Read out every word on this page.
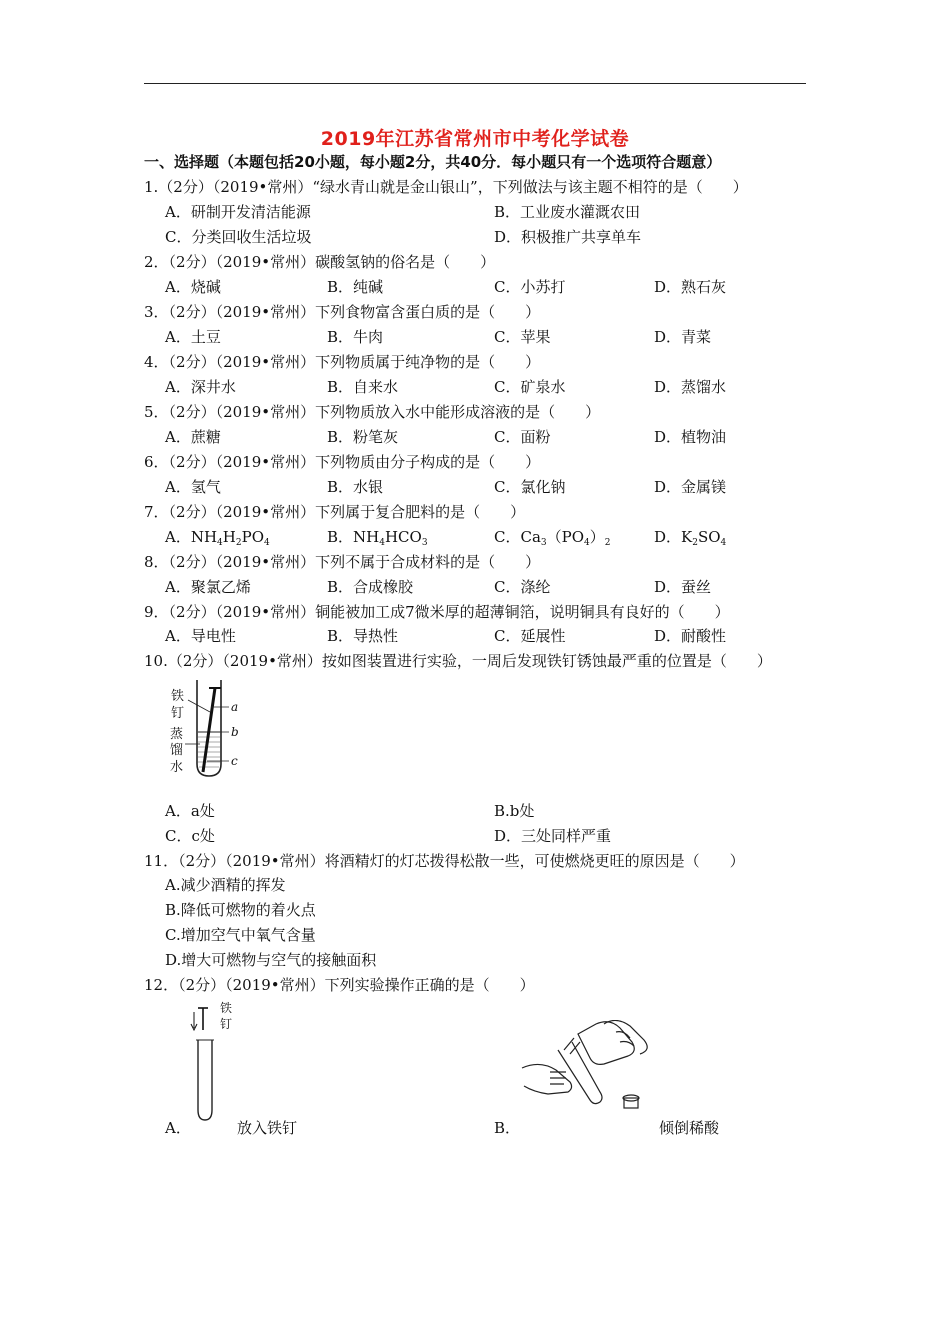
2019年江苏省常州市中考化学试卷
一、选择题（本题包括20小题，每小题2分，共40分．每小题只有一个选项符合题意）
1.（2分）（2019•常州）“绿水青山就是金山银山”，下列做法与该主题不相符的是（　　）
A．研制开发清洁能源	B．工业废水灌溉农田
C．分类回收生活垃圾	D．积极推广共享单车
2．（2分）（2019•常州）碳酸氢钠的俗名是（　　）
A．烧碱	B．纯碱	C．小苏打	D．熟石灰
3．（2分）（2019•常州）下列食物富含蛋白质的是（　　）
A．土豆	B．牛肉	C．苹果	D．青菜
4．（2分）（2019•常州）下列物质属于纯净物的是（　　）
A．深井水	B．自来水	C．矿泉水	D．蒸馏水
5．（2分）（2019•常州）下列物质放入水中能形成溶液的是（　　）
A．蔗糖	B．粉笔灰	C．面粉	D．植物油
6．（2分）（2019•常州）下列物质由分子构成的是（　　）
A．氢气	B．水银	C．氯化钠	D．金属镁
7．（2分）（2019•常州）下列属于复合肥料的是（　　）
A．$NH_4H_2PO_4$	B．$NH_4HCO_3$	C．$Ca_3(PO_4)_2$	D．$K_2SO_4$
8．（2分）（2019•常州）下列不属于合成材料的是（　　）
A．聚氯乙烯	B．合成橡胶	C．涤纶	D．蚕丝
9．（2分）（2019•常州）铜能被加工成7微米厚的超薄铜箔，说明铜具有良好的（　　）
A．导电性	B．导热性	C．延展性	D．耐酸性
10.（2分）（2019•常州）按如图装置进行实验，一周后发现铁钉锈蚀最严重的位置是（　　）
铁
钉
蒸
馏
水
a
b
c
A．a处	B.b处
C．c处	D．三处同样严重
11．（2分）（2019•常州）将酒精灯的灯芯拨得松散一些，可使燃烧更旺的原因是（　　）
A.减少酒精的挥发
B.降低可燃物的着火点
C.增加空气中氧气含量
D.增大可燃物与空气的接触面积
12．（2分）（2019•常州）下列实验操作正确的是（　　）
铁
钉
A．	放入铁钉	B．	倾倒稀酸
